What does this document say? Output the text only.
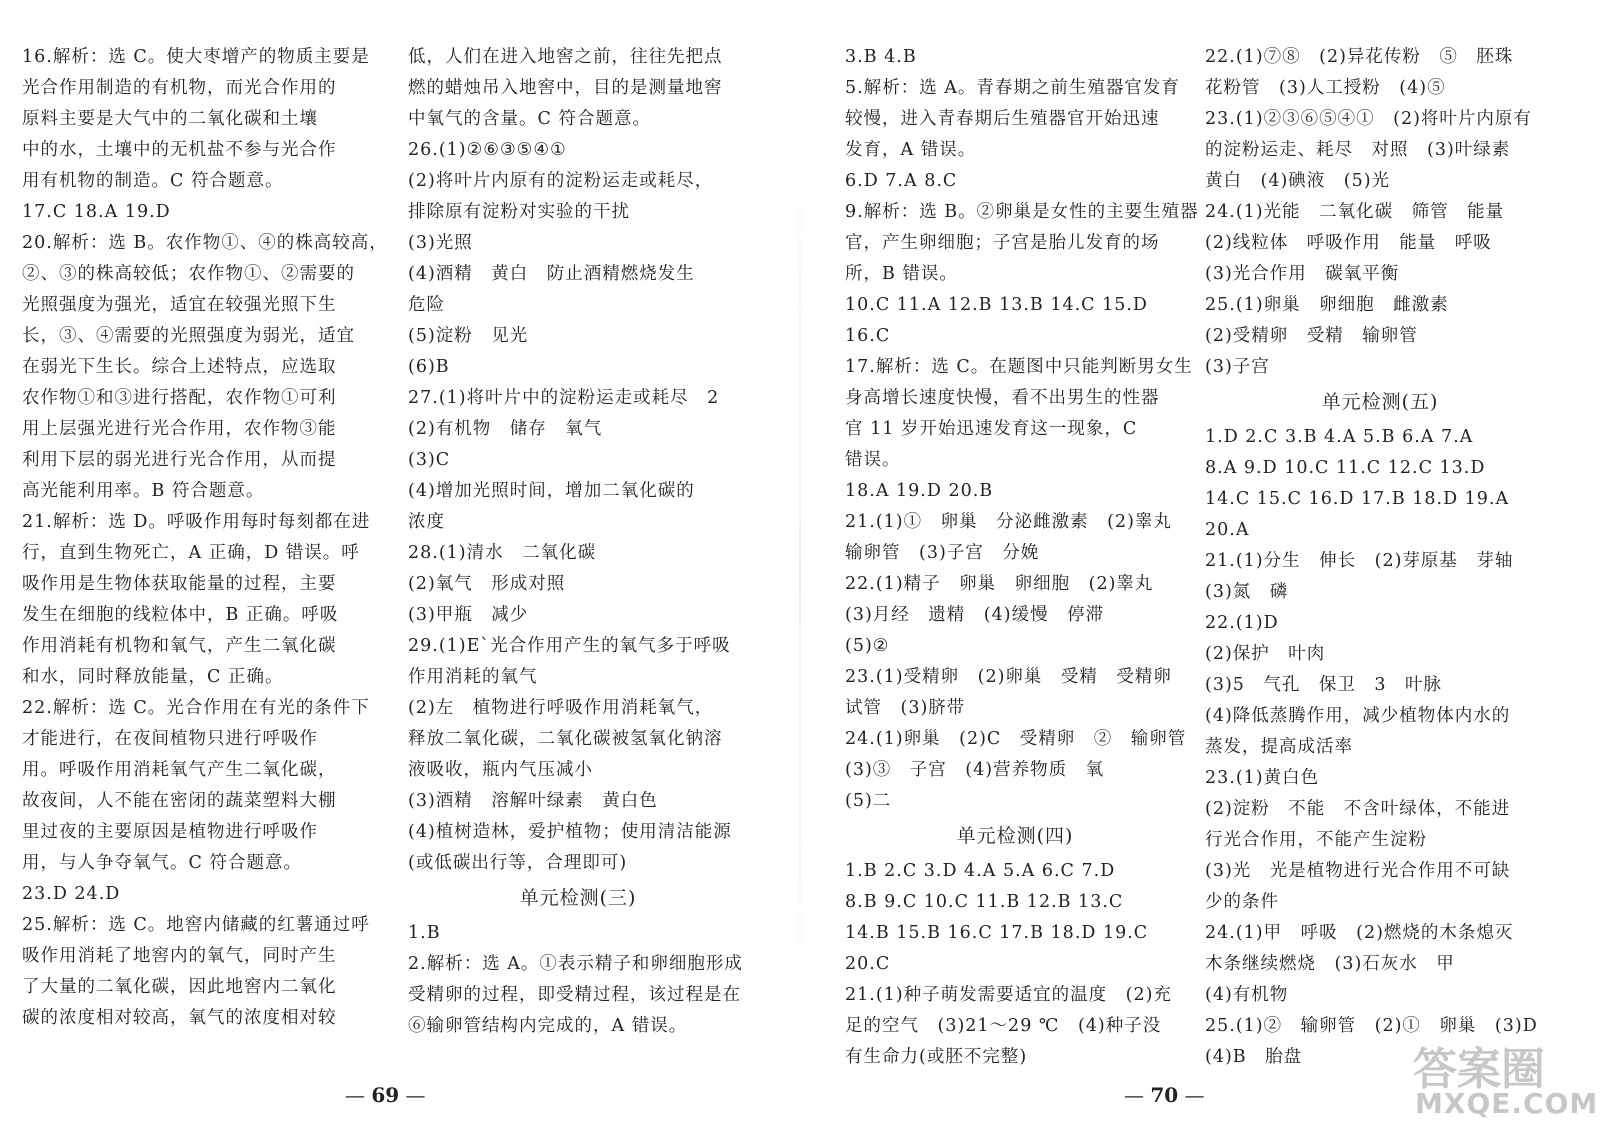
16.解析：选 C。使大枣增产的物质主要是
光合作用制造的有机物，而光合作用的
原料主要是大气中的二氧化碳和土壤
中的水，土壤中的无机盐不参与光合作
用有机物的制造。C 符合题意。
17.C 18.A 19.D
20.解析：选 B。农作物①、④的株高较高，
②、③的株高较低；农作物①、②需要的
光照强度为强光，适宜在较强光照下生
长，③、④需要的光照强度为弱光，适宜
在弱光下生长。综合上述特点，应选取
农作物①和③进行搭配，农作物①可利
用上层强光进行光合作用，农作物③能
利用下层的弱光进行光合作用，从而提
高光能利用率。B 符合题意。
21.解析：选 D。呼吸作用每时每刻都在进
行，直到生物死亡，A 正确，D 错误。呼
吸作用是生物体获取能量的过程，主要
发生在细胞的线粒体中，B 正确。呼吸
作用消耗有机物和氧气，产生二氧化碳
和水，同时释放能量，C 正确。
22.解析：选 C。光合作用在有光的条件下
才能进行，在夜间植物只进行呼吸作
用。呼吸作用消耗氧气产生二氧化碳，
故夜间，人不能在密闭的蔬菜塑料大棚
里过夜的主要原因是植物进行呼吸作
用，与人争夺氧气。C 符合题意。
23.D 24.D
25.解析：选 C。地窖内储藏的红薯通过呼
吸作用消耗了地窖内的氧气，同时产生
了大量的二氧化碳，因此地窖内二氧化
碳的浓度相对较高，氧气的浓度相对较
低，人们在进入地窖之前，往往先把点
燃的蜡烛吊入地窖中，目的是测量地窖
中氧气的含量。C 符合题意。
26.(1)②⑥③⑤④①
(2)将叶片内原有的淀粉运走或耗尽，
排除原有淀粉对实验的干扰
(3)光照
(4)酒精　黄白　防止酒精燃烧发生
危险
(5)淀粉　见光
(6)B
27.(1)将叶片中的淀粉运走或耗尽　2
(2)有机物　储存　氧气
(3)C
(4)增加光照时间，增加二氧化碳的
浓度
28.(1)清水　二氧化碳
(2)氧气　形成对照
(3)甲瓶　减少
29.(1)E`光合作用产生的氧气多于呼吸
作用消耗的氧气
(2)左　植物进行呼吸作用消耗氧气，
释放二氧化碳，二氧化碳被氢氧化钠溶
液吸收，瓶内气压减小
(3)酒精　溶解叶绿素　黄白色
(4)植树造林，爱护植物；使用清洁能源
(或低碳出行等，合理即可)
单元检测(三)
1.B
2.解析：选 A。①表示精子和卵细胞形成
受精卵的过程，即受精过程，该过程是在
⑥输卵管结构内完成的，A 错误。
3.B 4.B
5.解析：选 A。青春期之前生殖器官发育
较慢，进入青春期后生殖器官开始迅速
发育，A 错误。
6.D 7.A 8.C
9.解析：选 B。②卵巢是女性的主要生殖器
官，产生卵细胞；子宫是胎儿发育的场
所，B 错误。
10.C 11.A 12.B 13.B 14.C 15.D
16.C
17.解析：选 C。在题图中只能判断男女生
身高增长速度快慢，看不出男生的性器
官 11 岁开始迅速发育这一现象，C
错误。
18.A 19.D 20.B
21.(1)①　卵巢　分泌雌激素　(2)睾丸
输卵管　(3)子宫　分娩
22.(1)精子　卵巢　卵细胞　(2)睾丸
(3)月经　遗精　(4)缓慢　停滞
(5)②
23.(1)受精卵　(2)卵巢　受精　受精卵
试管　(3)脐带
24.(1)卵巢　(2)C　受精卵　②　输卵管
(3)③　子宫　(4)营养物质　氧
(5)二
单元检测(四)
1.B 2.C 3.D 4.A 5.A 6.C 7.D
8.B 9.C 10.C 11.B 12.B 13.C
14.B 15.B 16.C 17.B 18.D 19.C
20.C
21.(1)种子萌发需要适宜的温度　(2)充
足的空气　(3)21～29 ℃　(4)种子没
有生命力(或胚不完整)
22.(1)⑦⑧　(2)异花传粉　⑤　胚珠
花粉管　(3)人工授粉　(4)⑤
23.(1)②③⑥⑤④①　(2)将叶片内原有
的淀粉运走、耗尽　对照　(3)叶绿素
黄白　(4)碘液　(5)光
24.(1)光能　二氧化碳　筛管　能量
(2)线粒体　呼吸作用　能量　呼吸
(3)光合作用　碳氧平衡
25.(1)卵巢　卵细胞　雌激素
(2)受精卵　受精　输卵管
(3)子宫
单元检测(五)
1.D 2.C 3.B 4.A 5.B 6.A 7.A
8.A 9.D 10.C 11.C 12.C 13.D
14.C 15.C 16.D 17.B 18.D 19.A
20.A
21.(1)分生　伸长　(2)芽原基　芽轴
(3)氮　磷
22.(1)D
(2)保护　叶肉
(3)5　气孔　保卫　3　叶脉
(4)降低蒸腾作用，减少植物体内水的
蒸发，提高成活率
23.(1)黄白色
(2)淀粉　不能　不含叶绿体，不能进
行光合作用，不能产生淀粉
(3)光　光是植物进行光合作用不可缺
少的条件
24.(1)甲　呼吸　(2)燃烧的木条熄灭
木条继续燃烧　(3)石灰水　甲
(4)有机物
25.(1)②　输卵管　(2)①　卵巢　(3)D
(4)B　胎盘
— 69 —	— 70 —	答案圈
MXQE.COM
